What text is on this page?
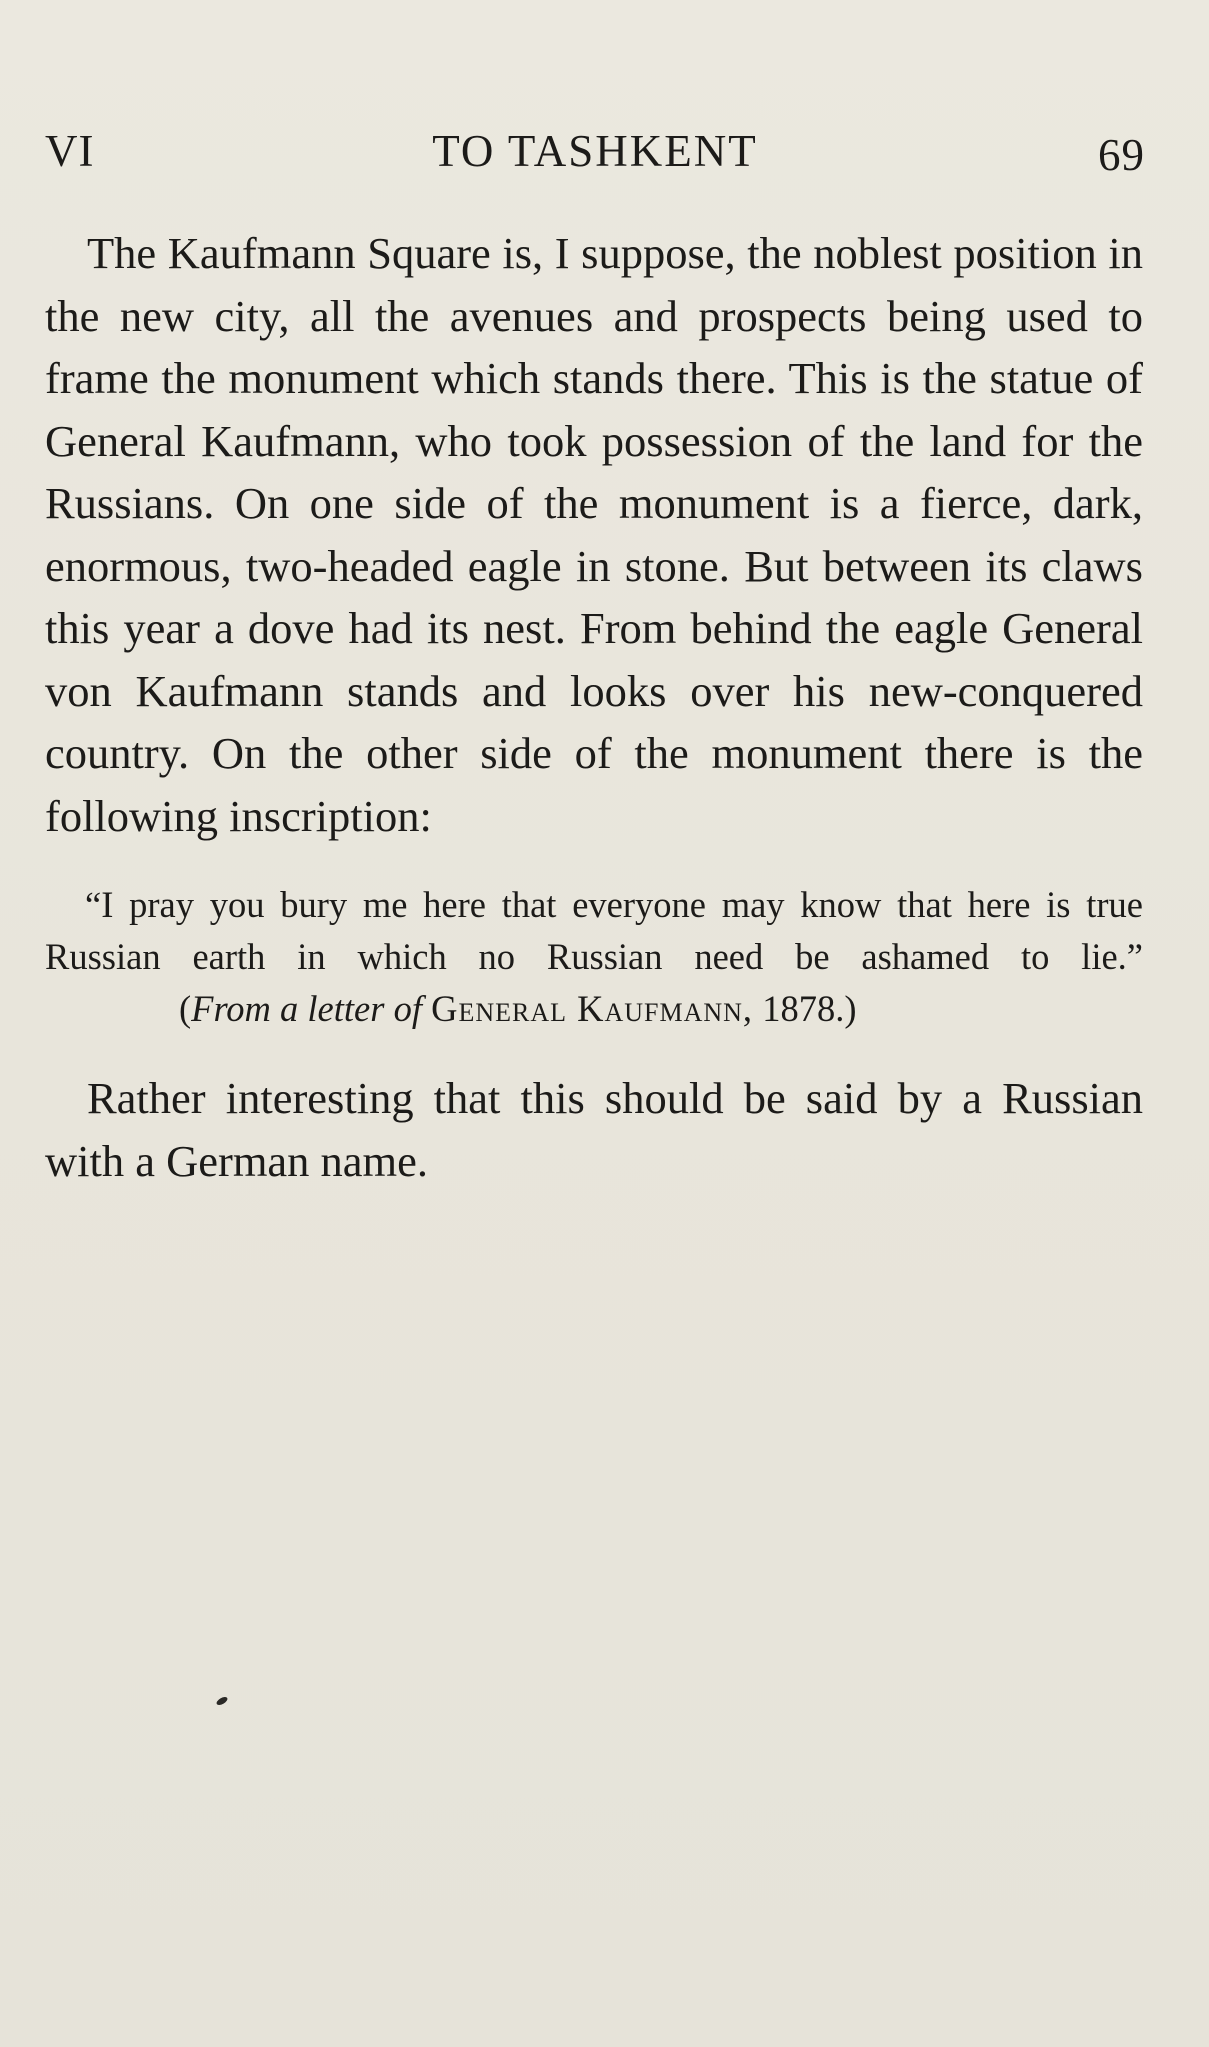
VI	TO TASHKENT	69

The Kaufmann Square is, I suppose, the noblest position in the new city, all the avenues and prospects being used to frame the monument which stands there. This is the statue of General Kaufmann, who took possession of the land for the Russians. On one side of the monument is a fierce, dark, enormous, two-headed eagle in stone. But between its claws this year a dove had its nest. From behind the eagle General von Kaufmann stands and looks over his new-conquered country. On the other side of the monument there is the following inscription:

“I pray you bury me here that everyone may know that here is true Russian earth in which no Russian need be ashamed to lie.”(From a letter of General Kaufmann, 1878.)

Rather interesting that this should be said by a Russian with a German name.
